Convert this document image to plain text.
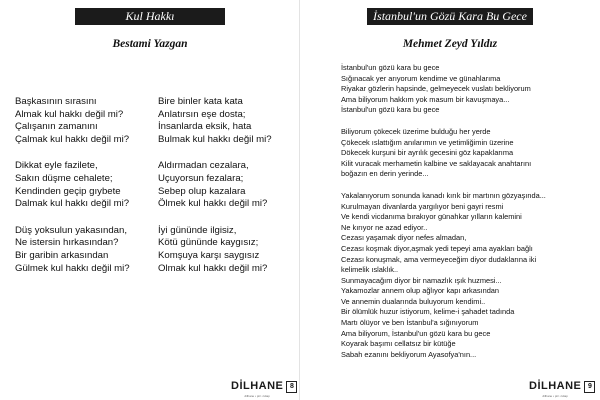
Kul Hakkı
Bestami Yazgan
Başkasının sırasını
Almak kul hakkı değil mi?
Çalışanın zamanını
Çalmak kul hakkı değil mi?
Dikkat eyle fazilete,
Sakın düşme cehalete;
Kendinden geçip gıybete
Dalmak kul hakkı değil mi?
Düş yoksulun yakasından,
Ne istersin hırkasından?
Bir garibin arkasından
Gülmek kul hakkı değil mi?
Bire binler kata kata
Anlatırsın eşe dosta;
İnsanlarda eksik, hata
Bulmak kul hakkı değil mi?
Aldırmadan cezalara,
Uçuyorsun fezalara;
Sebep olup kazalara
Ölmek kul hakkı değil mi?
İyi gününde ilgisiz,
Kötü gününde kaygısız;
Komşuya karşı saygısız
Olmak kul hakkı değil mi?
DİLHANE
dilhane • şiir • kitap
8
İstanbul'un Gözü Kara Bu Gece
Mehmet Zeyd Yıldız
İstanbul'un gözü kara bu gece
Sığınacak yer arıyorum kendime ve günahlarıma
Riyakar gözlerin hapsinde, gelmeyecek vuslatı bekliyorum
Ama biliyorum hakkım yok masum bir kavuşmaya...
İstanbul'un gözü kara bu gece
Biliyorum çökecek üzerime bulduğu her yerde
Çökecek ıslattığım anılarımın ve yetimliğimin üzerine
Dökecek kurşuni bir ayrılık gecesini göz kapaklarıma
Kilit vuracak merhametin kalbine ve saklayacak anahtarını
boğazın en derin yerinde...
Yakalanıyorum sonunda kanadı kırık bir martının gözyaşında...
Kurulmayan divanlarda yargılıyor beni gayri resmi
Ve kendi vicdanıma bırakıyor günahkar yılların kalemini
Ne kırıyor ne azad ediyor..
Cezası yaşamak diyor nefes almadan,
Cezası koşmak diyor,aşmak yedi tepeyi ama ayakları bağlı
Cezası konuşmak, ama vermeyeceğim diyor dudaklarına iki
kelimelik ıslaklık..
Sunmayacağım diyor bir namazlık ışık huzmesi...
Yakamozlar annem olup ağlıyor kapı arkasından
Ve annemin dualarında buluyorum kendimi..
Bir ölümlük huzur istiyorum, kelime-i şahadet tadında
Martı ölüyor ve ben İstanbul'a sığınıyorum
Ama biliyorum, İstanbul'un gözü kara bu gece
Koyarak başımı cellatsız bir kütüğe
Sabah ezanını bekliyorum Ayasofya'nın...
DİLHANE
dilhane • şiir • kitap
9
